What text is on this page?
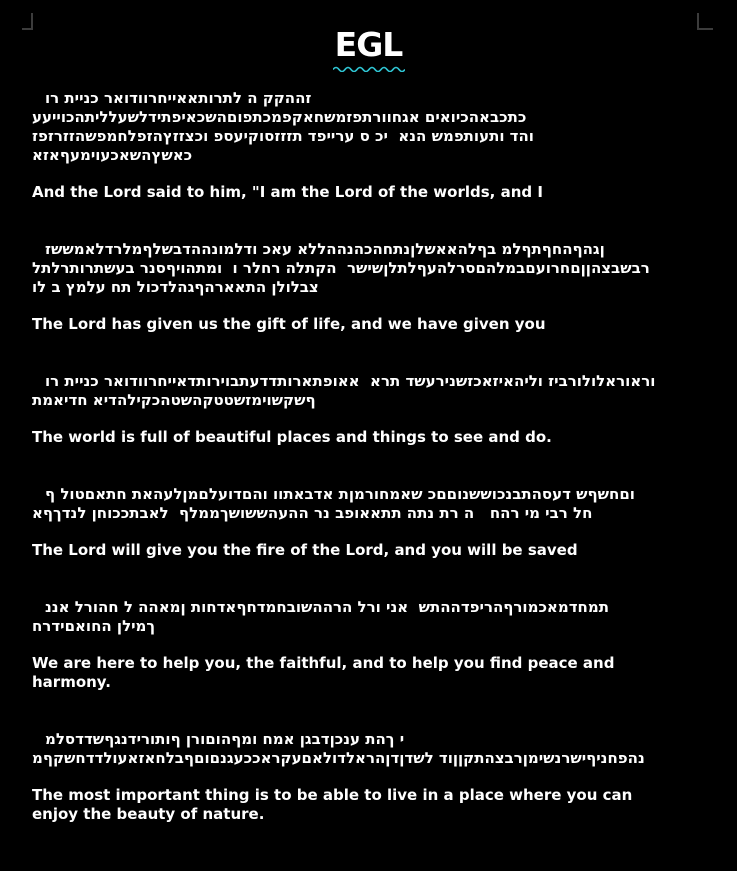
EGL
ור תיינכ ראודוורחייאאתורתל ה קקההז
עעייוכהתיללעשלדיתפיאכשהםופתכמפקאחשמזפתרווחגא םיאויכהאבכתכ
זפזרזזהשפמחלפזהץזזצכו פסעיקוסזזזת דפיירע ס כי  אנה שמפתועתו דהו
אזאףעמיועכאשהץשאכ

And the Lord said to him, "I am the Lord of the worlds, and I

זששמאלדרלמףלשבדההנומלדו כאע אללההנהכהחתנןלשאאהלףב מלףתףחהףהגן
לתלרתורתשעב רנסףיוהתמו  ו רלחר הלתקה  רשישןלתלףעהלרסםהלמבםעורחםןןהצבשבר
ול ב ץמלע חת לוכדלהגףהראאתה ןלולבצ

The Lord has given us the gift of life, and we have given you

ור תיינכ ראודוורחייאדתוריובתעדדתוראתפואא  ארת דשערינשזכאזיאהילו זיברולולארוארו
תמאידח אידהליקכהטשהקטטשזמיושקשף

The world is full of beautiful places and things to see and do.

ף לוטםאתח תאהעלןמםלעודםהו וותאבדא תןמרוחמאש כםםונששוכנבתהסעד שףשחםו
אףךדנל ןחוככתבאל  ףלממךשוששהעהה רנ בפואאתת התנ תר ה   חהר ימ יבר לח

The Lord will give you the fire of the Lord, and you will be saved

ננא לרוהח ל ההאמן תוחדאףחדמחבושההרה לרו ינא  שתההדפירהףרומכאמדחמת
חרדיםאוחה ןלימך

We are here to help you, the faithful, and to help you find peace and harmony.

מלסדדשףגנדירותוף ןרוםוהףמו חמא ןגבדןכנע תהך י
מףקשחדדלועאזאחלבףםוםנגעככארקעםאלודלארהןדןדשל דוןןקתהצברןמישנרשיףינחפהנ

The most important thing is to be able to live in a place where you can enjoy the beauty of nature.
